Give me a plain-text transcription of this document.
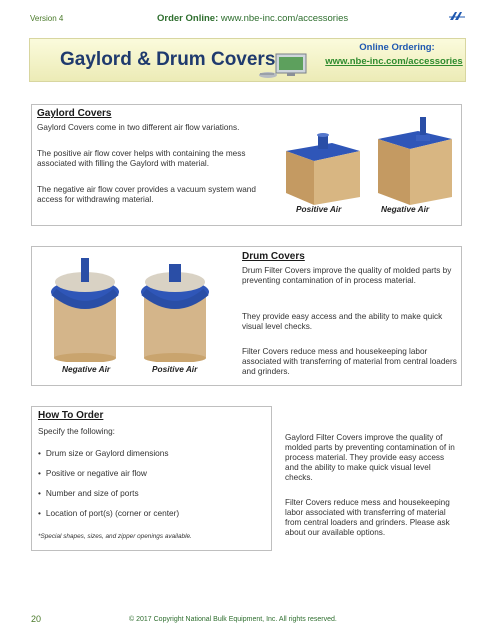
Version 4	Order Online: www.nbe-inc.com/accessories
Gaylord & Drum Covers
Online Ordering:
www.nbe-inc.com/accessories
Gaylord Covers
Gaylord Covers come in two different air flow variations.
The positive air flow cover helps with containing the mess associated with filling the Gaylord with material.
The negative air flow cover provides a vacuum system wand access for withdrawing material.
Positive Air	Negative Air
Negative Air	Positive Air
Drum Covers
Drum Filter Covers improve the quality of molded parts by preventing contamination of in process material.
They provide easy access and the ability to make quick visual level checks.
Filter Covers reduce mess and housekeeping labor associated with transferring of material from central loaders and grinders.
How To Order
Specify the following:
• Drum size or Gaylord dimensions
• Positive or negative air flow
• Number and size of ports
• Location of port(s) (corner or center)
*Special shapes, sizes, and zipper openings available.
Gaylord Filter Covers improve the quality of molded parts by preventing contamination of in process material. They provide easy access and the ability to make quick visual level checks.
Filter Covers reduce mess and housekeeping labor associated with transferring of material from central loaders and grinders. Please ask about our available options.
20	© 2017 Copyright National Bulk Equipment, Inc. All rights reserved.
